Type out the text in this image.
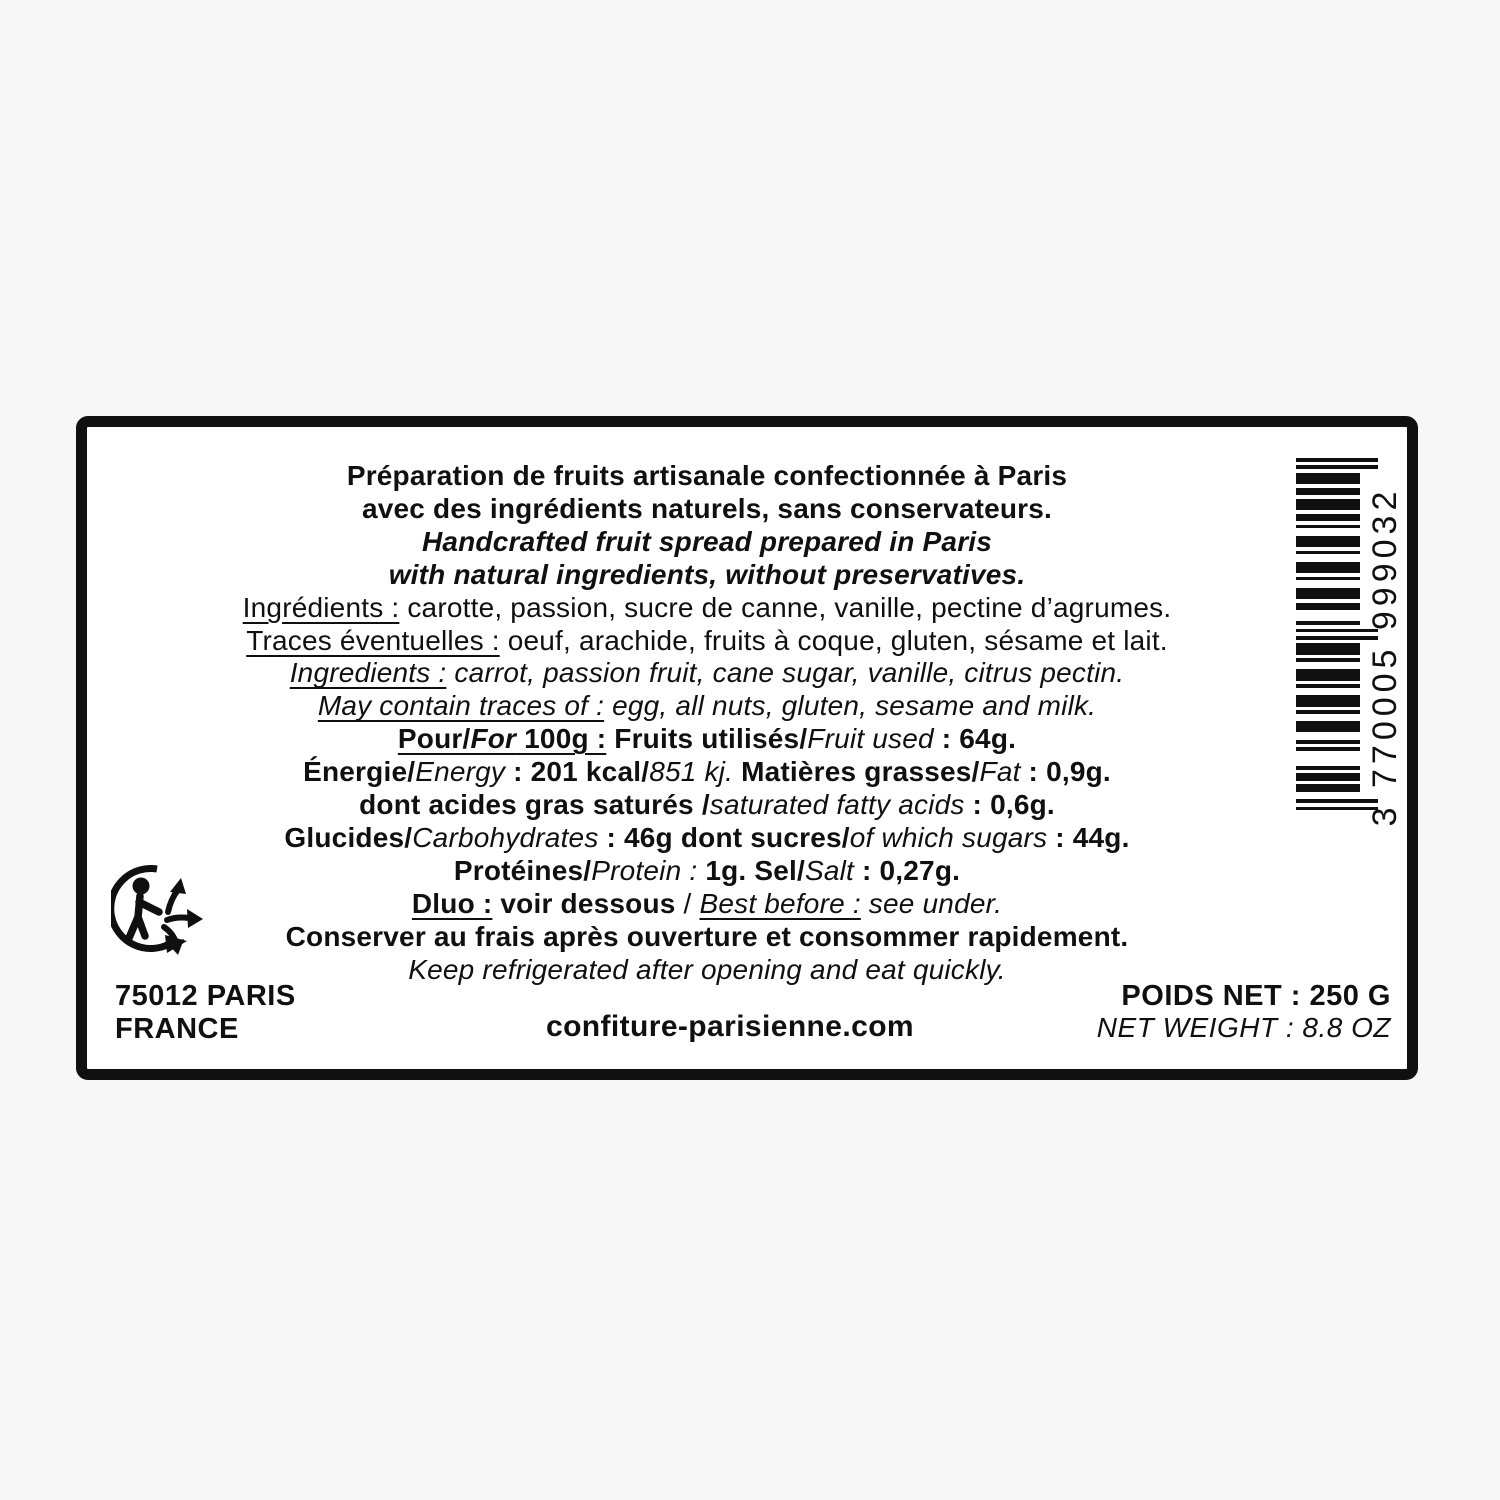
Préparation de fruits artisanale confectionnée à Paris
avec des ingrédients naturels, sans conservateurs.
Handcrafted fruit spread prepared in Paris
with natural ingredients, without preservatives.
Ingrédients : carotte, passion, sucre de canne, vanille, pectine d’agrumes.
Traces éventuelles : oeuf, arachide, fruits à coque, gluten, sésame et lait.
Ingredients : carrot, passion fruit, cane sugar, vanille, citrus pectin.
May contain traces of : egg, all nuts, gluten, sesame and milk.
Pour/For 100g : Fruits utilisés/Fruit used : 64g.
Énergie/Energy : 201 kcal/851 kj. Matières grasses/Fat : 0,9g.
dont acides gras saturés /saturated fatty acids : 0,6g.
Glucides/Carbohydrates : 46g dont sucres/of which sugars : 44g.
Protéines/Protein : 1g. Sel/Salt : 0,27g.
Dluo : voir dessous / Best before : see under.
Conserver au frais après ouverture et consommer rapidement.
Keep refrigerated after opening and eat quickly.
75012 PARIS
FRANCE	confiture-parisienne.com
POIDS NET : 250 G
NET WEIGHT : 8.8 OZ
3 770005 999032
